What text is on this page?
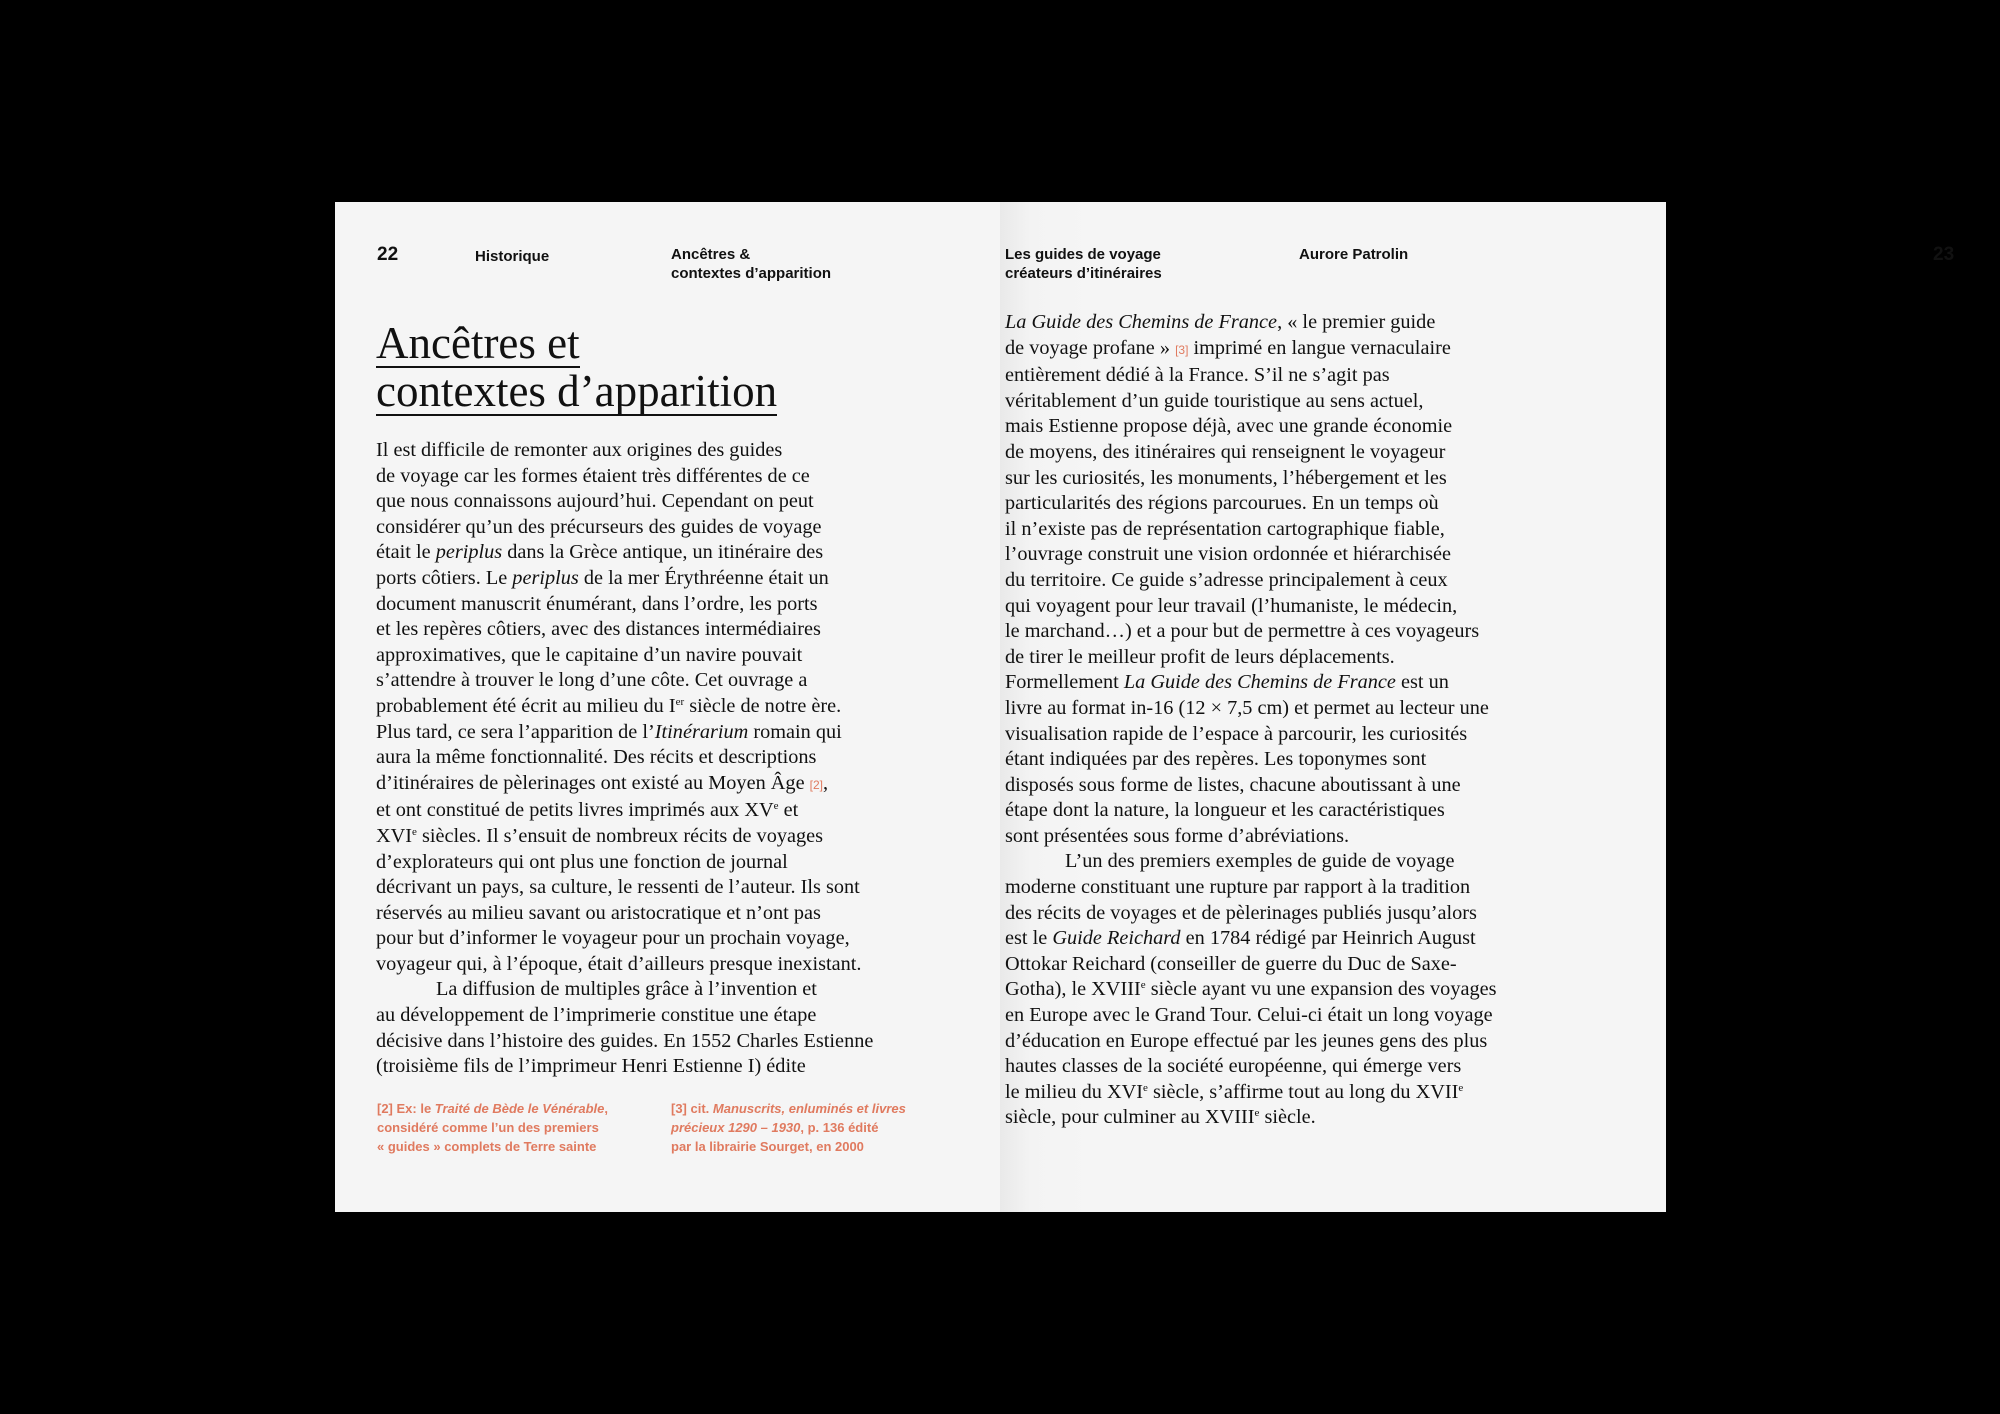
22	Historique	Ancêtres &
contextes d’apparition
Ancêtres et
contextes d’apparition
Il est difficile de remonter aux origines des guides
de voyage car les formes étaient très différentes de ce
que nous connaissons aujourd’hui. Cependant on peut
considérer qu’un des précurseurs des guides de voyage
était le periplus dans la Grèce antique, un itinéraire des
ports côtiers. Le periplus de la mer Érythréenne était un
document manuscrit énumérant, dans l’ordre, les ports
et les repères côtiers, avec des distances intermédiaires
approximatives, que le capitaine d’un navire pouvait
s’attendre à trouver le long d’une côte. Cet ouvrage a
probablement été écrit au milieu du Ier siècle de notre ère.
Plus tard, ce sera l’apparition de l’Itinérarium romain qui
aura la même fonctionnalité. Des récits et descriptions
d’itinéraires de pèlerinages ont existé au Moyen Âge [2],
et ont constitué de petits livres imprimés aux XVe et
XVIe siècles. Il s’ensuit de nombreux récits de voyages
d’explorateurs qui ont plus une fonction de journal
décrivant un pays, sa culture, le ressenti de l’auteur. Ils sont
réservés au milieu savant ou aristocratique et n’ont pas
pour but d’informer le voyageur pour un prochain voyage,
voyageur qui, à l’époque, était d’ailleurs presque inexistant.
La diffusion de multiples grâce à l’invention et
au développement de l’imprimerie constitue une étape
décisive dans l’histoire des guides. En 1552 Charles Estienne
(troisième fils de l’imprimeur Henri Estienne I) édite
[2] Ex: le Traité de Bède le Vénérable,
considéré comme l’un des premiers
« guides » complets de Terre sainte
[3] cit. Manuscrits, enluminés et livres
précieux 1290 – 1930, p. 136 édité
par la librairie Sourget, en 2000
Les guides de voyage
créateurs d’itinéraires
Aurore Patrolin	23
La Guide des Chemins de France, « le premier guide
de voyage profane » [3] imprimé en langue vernaculaire
entièrement dédié à la France. S’il ne s’agit pas
véritablement d’un guide touristique au sens actuel,
mais Estienne propose déjà, avec une grande économie
de moyens, des itinéraires qui renseignent le voyageur
sur les curiosités, les monuments, l’hébergement et les
particularités des régions parcourues. En un temps où
il n’existe pas de représentation cartographique fiable,
l’ouvrage construit une vision ordonnée et hiérarchisée
du territoire. Ce guide s’adresse principalement à ceux
qui voyagent pour leur travail (l’humaniste, le médecin,
le marchand…) et a pour but de permettre à ces voyageurs
de tirer le meilleur profit de leurs déplacements.
Formellement La Guide des Chemins de France est un
livre au format in-16 (12 × 7,5 cm) et permet au lecteur une
visualisation rapide de l’espace à parcourir, les curiosités
étant indiquées par des repères. Les toponymes sont
disposés sous forme de listes, chacune aboutissant à une
étape dont la nature, la longueur et les caractéristiques
sont présentées sous forme d’abréviations.
L’un des premiers exemples de guide de voyage
moderne constituant une rupture par rapport à la tradition
des récits de voyages et de pèlerinages publiés jusqu’alors
est le Guide Reichard en 1784 rédigé par Heinrich August
Ottokar Reichard (conseiller de guerre du Duc de Saxe-
Gotha), le XVIIIe siècle ayant vu une expansion des voyages
en Europe avec le Grand Tour. Celui-ci était un long voyage
d’éducation en Europe effectué par les jeunes gens des plus
hautes classes de la société européenne, qui émerge vers
le milieu du XVIe siècle, s’affirme tout au long du XVIIe
siècle, pour culminer au XVIIIe siècle.
